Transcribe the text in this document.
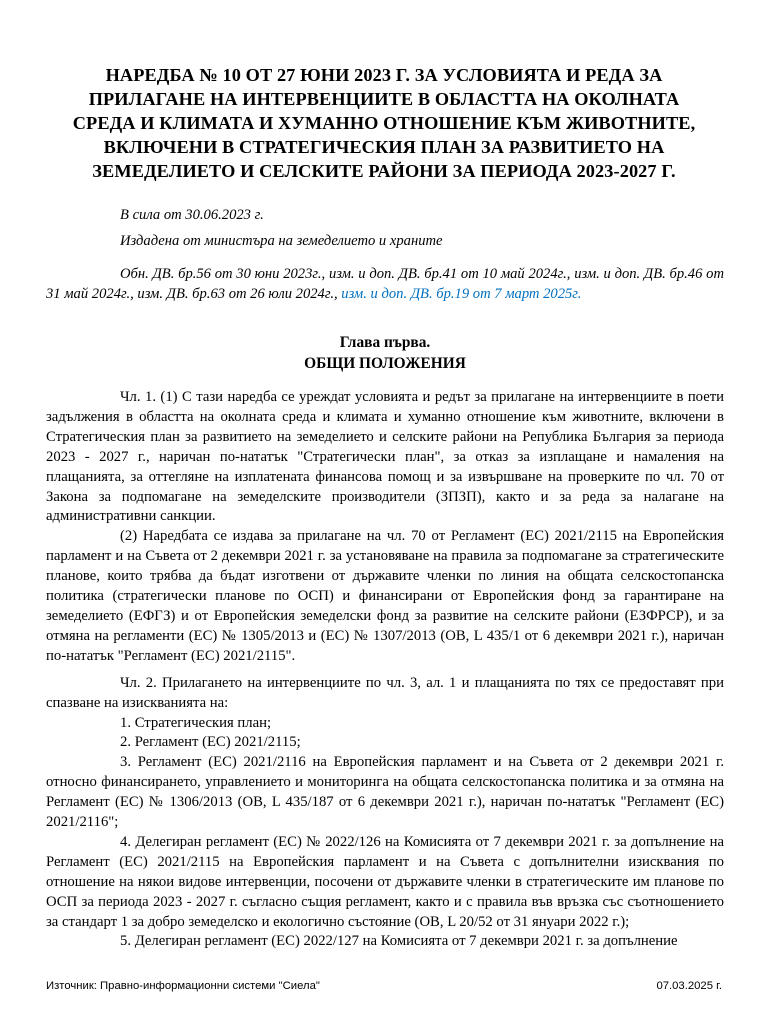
НАРЕДБА № 10 ОТ 27 ЮНИ 2023 Г. ЗА УСЛОВИЯТА И РЕДА ЗА ПРИЛАГАНЕ НА ИНТЕРВЕНЦИИТЕ В ОБЛАСТТА НА ОКОЛНАТА СРЕДА И КЛИМАТА И ХУМАННО ОТНОШЕНИЕ КЪМ ЖИВОТНИТЕ, ВКЛЮЧЕНИ В СТРАТЕГИЧЕСКИЯ ПЛАН ЗА РАЗВИТИЕТО НА ЗЕМЕДЕЛИЕТО И СЕЛСКИТЕ РАЙОНИ ЗА ПЕРИОДА 2023-2027 Г.
В сила от 30.06.2023 г.
Издадена от министъра на земеделието и храните
Обн. ДВ. бр.56 от 30 юни 2023г., изм. и доп. ДВ. бр.41 от 10 май 2024г., изм. и доп. ДВ. бр.46 от 31 май 2024г., изм. ДВ. бр.63 от 26 юли 2024г., изм. и доп. ДВ. бр.19 от 7 март 2025г.
Глава първа.
ОБЩИ ПОЛОЖЕНИЯ

Чл. 1. (1) С тази наредба се уреждат условията и редът за прилагане на интервенциите в поети задължения в областта на околната среда и климата и хуманно отношение към животните, включени в Стратегическия план за развитието на земеделието и селските райони на Република България за периода 2023 - 2027 г., наричан по-нататък "Стратегически план", за отказ за изплащане и намаления на плащанията, за оттегляне на изплатената финансова помощ и за извършване на проверките по чл. 70 от Закона за подпомагане на земеделските производители (ЗПЗП), както и за реда за налагане на административни санкции.

(2) Наредбата се издава за прилагане на чл. 70 от Регламент (ЕС) 2021/2115 на Европейския парламент и на Съвета от 2 декември 2021 г. за установяване на правила за подпомагане за стратегическите планове, които трябва да бъдат изготвени от държавите членки по линия на общата селскостопанска политика (стратегически планове по ОСП) и финансирани от Европейския фонд за гарантиране на земеделието (ЕФГЗ) и от Европейския земеделски фонд за развитие на селските райони (ЕЗФРСР), и за отмяна на регламенти (ЕС) № 1305/2013 и (ЕС) № 1307/2013 (ОВ, L 435/1 от 6 декември 2021 г.), наричан по-нататък "Регламент (ЕС) 2021/2115".

Чл. 2. Прилагането на интервенциите по чл. 3, ал. 1 и плащанията по тях се предоставят при спазване на изискванията на:

1. Стратегическия план;

2. Регламент (ЕС) 2021/2115;

3. Регламент (ЕС) 2021/2116 на Европейския парламент и на Съвета от 2 декември 2021 г. относно финансирането, управлението и мониторинга на общата селскостопанска политика и за отмяна на Регламент (ЕС) № 1306/2013 (ОВ, L 435/187 от 6 декември 2021 г.), наричан по-нататък "Регламент (ЕС) 2021/2116";

4. Делегиран регламент (ЕС) № 2022/126 на Комисията от 7 декември 2021 г. за допълнение на Регламент (ЕС) 2021/2115 на Европейския парламент и на Съвета с допълнителни изисквания по отношение на някои видове интервенции, посочени от държавите членки в стратегическите им планове по ОСП за периода 2023 - 2027 г. съгласно същия регламент, както и с правила във връзка със съотношението за стандарт 1 за добро земеделско и екологично състояние (ОВ, L 20/52 от 31 януари 2022 г.);

5. Делегиран регламент (ЕС) 2022/127 на Комисията от 7 декември 2021 г. за допълнение

Източник: Правно-информационни системи "Сиела"	07.03.2025 г.
